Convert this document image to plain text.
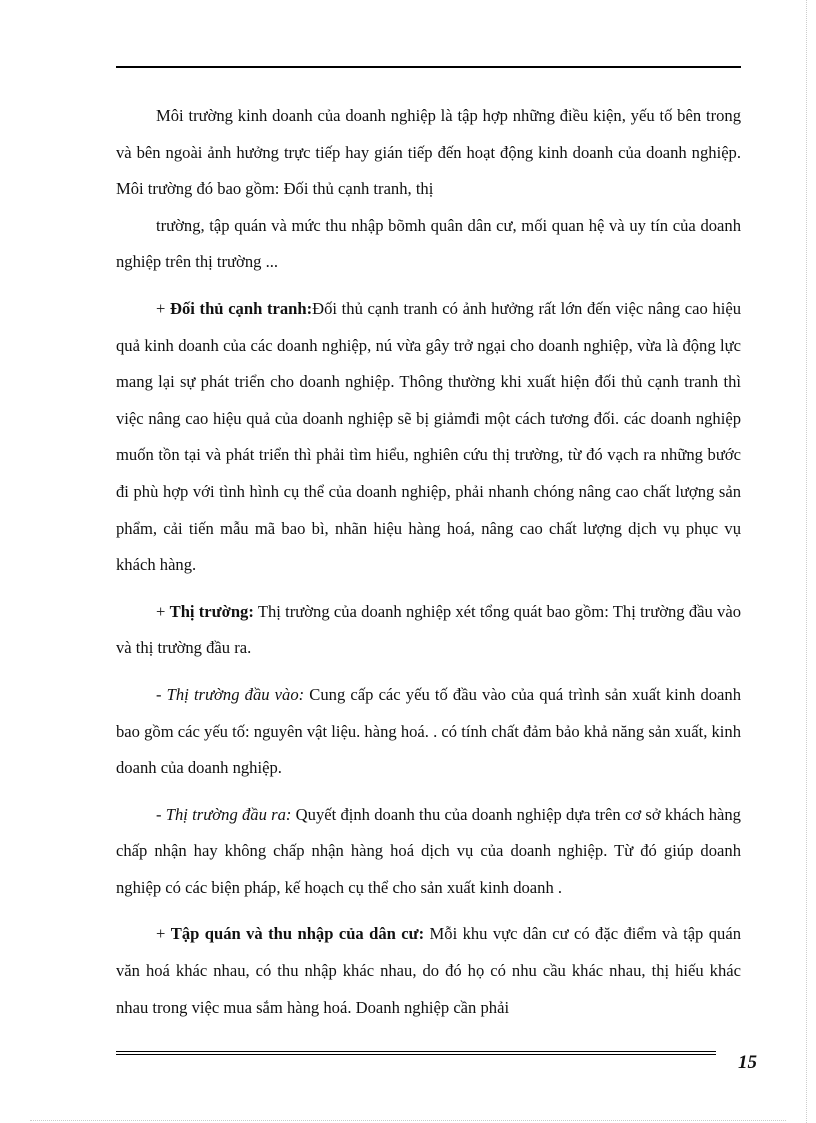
Môi trường kinh doanh của doanh nghiệp là tập hợp những điều kiện, yếu tố bên trong và bên ngoài ảnh hưởng trực tiếp hay gián tiếp đến hoạt động kinh doanh của doanh nghiệp. Môi trường đó bao gồm: Đối thủ cạnh tranh, thị

trường, tập quán và mức thu nhập bõmh quân dân cư, mối quan hệ và uy tín của doanh nghiệp trên thị trường ...

+ Đối thủ cạnh tranh:Đối thủ cạnh tranh có ảnh hưởng rất lớn đến việc nâng cao hiệu quả kinh doanh của các doanh nghiệp, nú vừa gây trở ngại cho doanh nghiệp, vừa là động lực mang lại sự phát triển cho doanh nghiệp. Thông thường khi xuất hiện đối thủ cạnh tranh thì việc nâng cao hiệu quả của doanh nghiệp sẽ bị giảmđi một cách tương đối. các doanh nghiệp muốn tồn tại và phát triển thì phải tìm hiểu, nghiên cứu thị trường, từ đó vạch ra những bước đi phù hợp với tình hình cụ thể của doanh nghiệp, phải nhanh chóng nâng cao chất lượng sản phẩm, cải tiến mẫu mã bao bì, nhãn hiệu hàng hoá, nâng cao chất lượng dịch vụ phục vụ khách hàng.

+ Thị trường: Thị trường của doanh nghiệp xét tổng quát bao gồm: Thị trường đầu vào và thị trường đầu ra.

- Thị trường đầu vào: Cung cấp các yếu tố đầu vào của quá trình sản xuất kinh doanh bao gồm các yếu tố: nguyên vật liệu. hàng hoá. . có tính chất đảm bảo khả năng sản xuất, kinh doanh của doanh nghiệp.

- Thị trường đầu ra: Quyết định doanh thu của doanh nghiệp dựa trên cơ sở khách hàng chấp nhận hay không chấp nhận hàng hoá dịch vụ của doanh nghiệp. Từ đó giúp doanh nghiệp có các biện pháp, kế hoạch cụ thể cho sản xuất kinh doanh .

+ Tập quán và thu nhập của dân cư: Mỗi khu vực dân cư có đặc điểm và tập quán văn hoá khác nhau, có thu nhập khác nhau, do đó họ có nhu cầu khác nhau, thị hiếu khác nhau trong việc mua sắm hàng hoá. Doanh nghiệp cần phải

15
